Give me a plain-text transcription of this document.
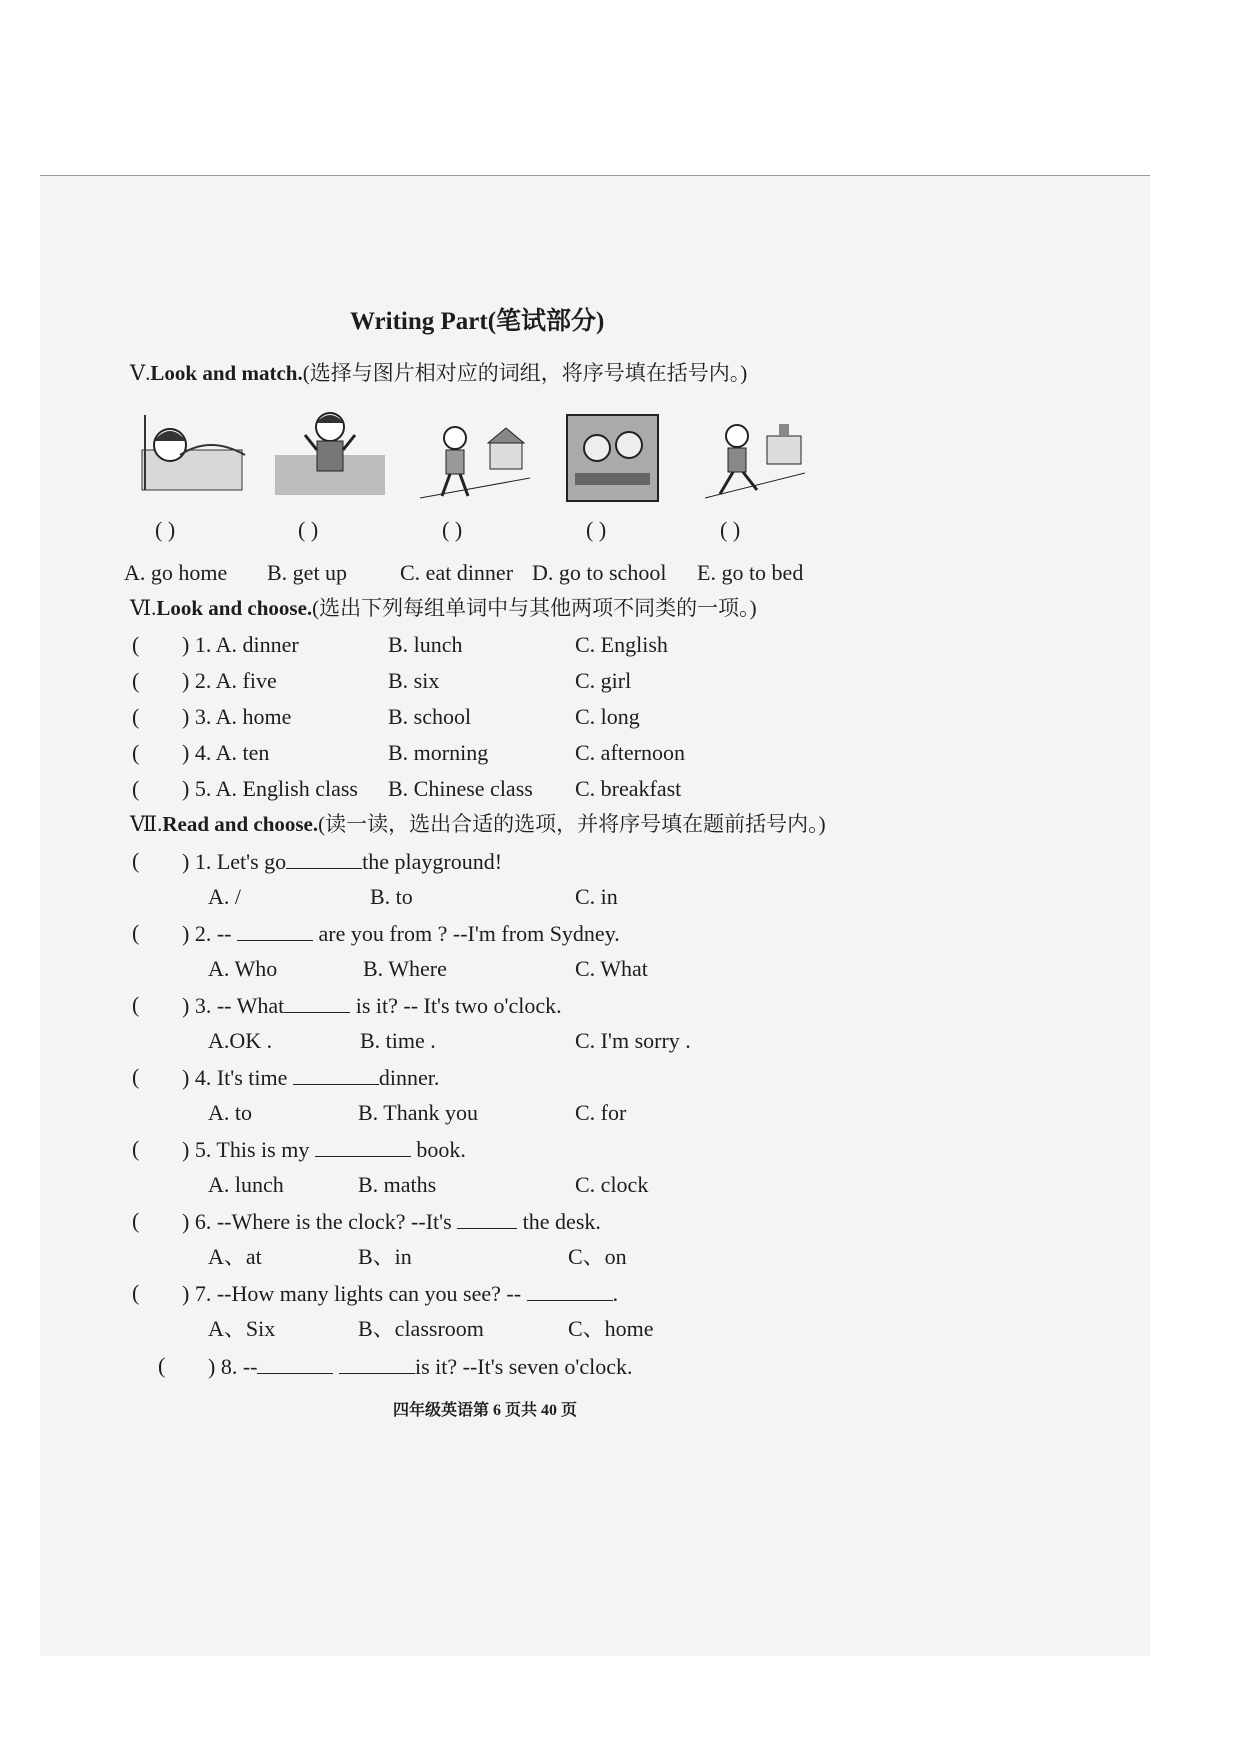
Writing Part(笔试部分)
Ⅴ.Look and match.(选择与图片相对应的词组，将序号填在括号内。)
( )	( )	( )	( )	( )
A. go home B. get up C. eat dinner D. go to school E. go to bed
Ⅵ.Look and choose.(选出下列每组单词中与其他两项不同类的一项。)
( ) 1. A. dinner	B. lunch	C. English
( ) 2. A. five	B. six	C. girl
( ) 3. A. home	B. school	C. long
( ) 4. A. ten	B. morning	C. afternoon
( ) 5. A. English class B. Chinese class C. breakfast
Ⅶ.Read and choose.(读一读，选出合适的选项，并将序号填在题前括号内。)
( ) 1. Let's go	the playground!
A. /	B. to	C. in
( ) 2. --	are you from ? --I'm from Sydney.
A. Who	B. Where	C. What
( ) 3. -- What	is it? -- It's two o'clock.
A.OK .	B. time .	C. I'm sorry .
( ) 4. It's time	dinner.
A. to	B. Thank you	C. for
( ) 5. This is my	book.
A. lunch	B. maths	C. clock
( ) 6. --Where is the clock? --It's	the desk.
A、at	B、in	C、on
( ) 7. --How many lights can you see? --	.
A、Six	B、classroom	C、home
( ) 8. --	is it? --It's seven o'clock.
四年级英语第 6 页共 40 页
